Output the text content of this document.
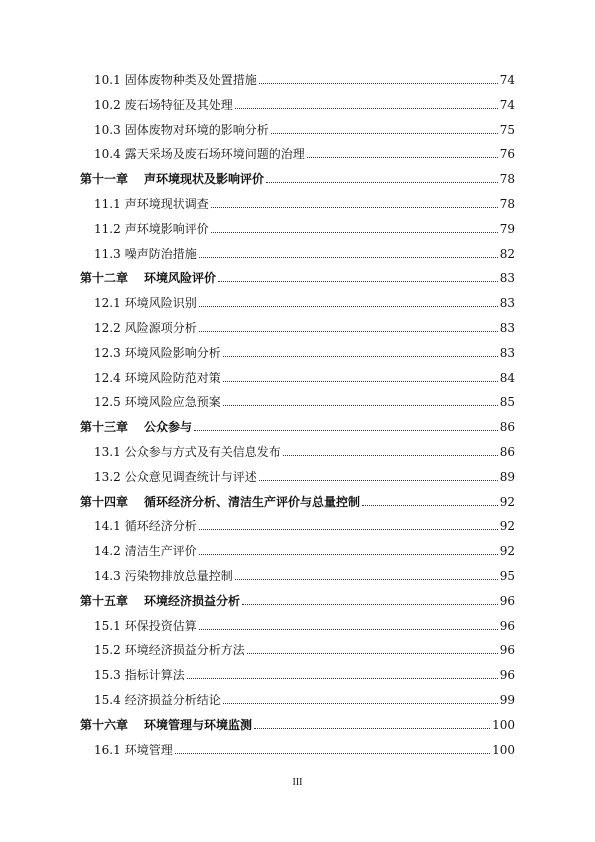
10.1 固体废物种类及处置措施	74
10.2 废石场特征及其处理	74
10.3 固体废物对环境的影响分析	75
10.4 露天采场及废石场环境问题的治理	76
第十一章 声环境现状及影响评价	78
11.1 声环境现状调查	78
11.2 声环境影响评价	79
11.3 噪声防治措施	82
第十二章 环境风险评价	83
12.1 环境风险识别	83
12.2 风险源项分析	83
12.3 环境风险影响分析	83
12.4 环境风险防范对策	84
12.5 环境风险应急预案	85
第十三章 公众参与	86
13.1 公众参与方式及有关信息发布	86
13.2 公众意见调查统计与评述	89
第十四章 循环经济分析、清洁生产评价与总量控制	92
14.1 循环经济分析	92
14.2 清洁生产评价	92
14.3 污染物排放总量控制	95
第十五章 环境经济损益分析	96
15.1 环保投资估算	96
15.2 环境经济损益分析方法	96
15.3 指标计算法	96
15.4 经济损益分析结论	99
第十六章 环境管理与环境监测	100
16.1 环境管理	100
III
